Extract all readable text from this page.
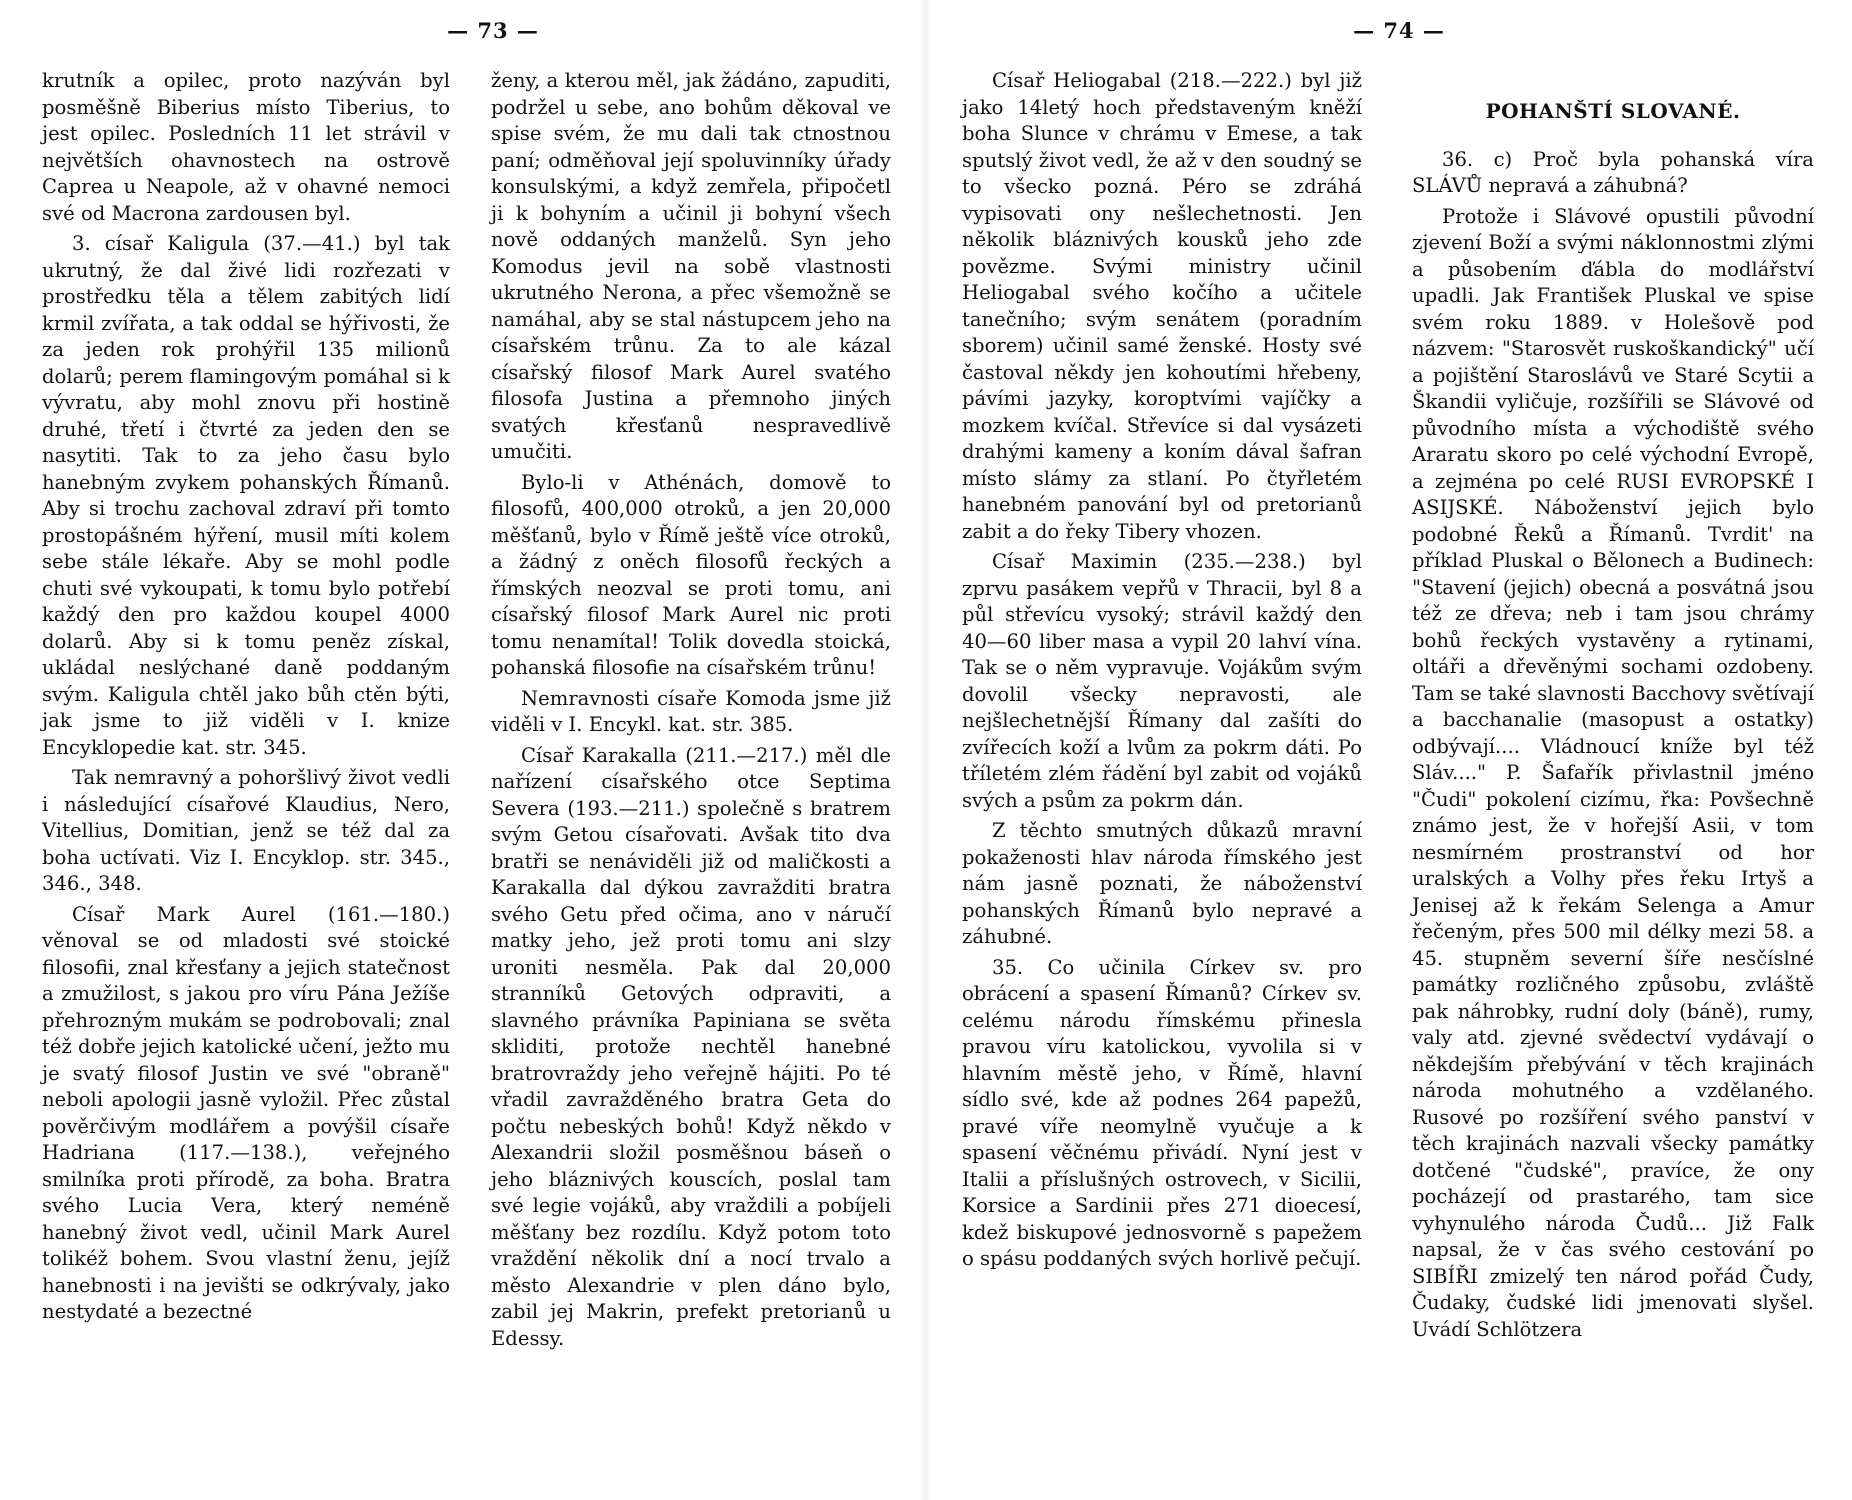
— 73 —

krutník a opilec, proto nazýván byl posměšně Biberius místo Tiberius, to jest opilec. Posledních 11 let strávil v největších ohavnostech na ostrově Caprea u Neapole, až v ohavné nemoci své od Macrona zardousen byl.

3. císař Kaligula (37.—41.) byl tak ukrutný, že dal živé lidi rozřezati v prostředku těla a tělem zabitých lidí krmil zvířata, a tak oddal se hýřivosti, že za jeden rok prohýřil 135 milionů dolarů; perem flamingovým pomáhal si k vývratu, aby mohl znovu při hostině druhé, třetí i čtvrté za jeden den se nasytiti. Tak to za jeho času bylo hanebným zvykem pohanských Římanů. Aby si trochu zachoval zdraví při tomto prostopášném hýření, musil míti kolem sebe stále lékaře. Aby se mohl podle chuti své vykoupati, k tomu bylo potřebí každý den pro každou koupel 4000 dolarů. Aby si k tomu peněz získal, ukládal neslýchané daně poddaným svým. Kaligula chtěl jako bůh ctěn býti, jak jsme to již viděli v I. knize Encyklopedie kat. str. 345.

Tak nemravný a pohoršlivý život vedli i následující císařové Klaudius, Nero, Vitellius, Domitian, jenž se též dal za boha uctívati. Viz I. Encyklop. str. 345., 346., 348.

Císař Mark Aurel (161.—180.) věnoval se od mladosti své stoické filosofii, znal křesťany a jejich statečnost a zmužilost, s jakou pro víru Pána Ježíše přehrozným mukám se podrobovali; znal též dobře jejich katolické učení, ježto mu je svatý filosof Justin ve své "obraně" neboli apologii jasně vyložil. Přec zůstal pověrčivým modlářem a povýšil císaře Hadriana (117.—138.), veřejného smilníka proti přírodě, za boha. Bratra svého Lucia Vera, který neméně hanebný život vedl, učinil Mark Aurel tolikéž bohem. Svou vlastní ženu, jejíž hanebnosti i na jevišti se odkrývaly, jako nestydaté a bezectné

ženy, a kterou měl, jak žádáno, zapuditi, podržel u sebe, ano bohům děkoval ve spise svém, že mu dali tak ctnostnou paní; odměňoval její spoluvinníky úřady konsulskými, a když zemřela, připočetl ji k bohyním a učinil ji bohyní všech nově oddaných manželů. Syn jeho Komodus jevil na sobě vlastnosti ukrutného Nerona, a přec všemožně se namáhal, aby se stal nástupcem jeho na císařském trůnu. Za to ale kázal císařský filosof Mark Aurel svatého filosofa Justina a přemnoho jiných svatých křesťanů nespravedlivě umučiti.

Bylo-li v Athénách, domově to filosofů, 400,000 otroků, a jen 20,000 měšťanů, bylo v Římě ještě více otroků, a žádný z oněch filosofů řeckých a římských neozval se proti tomu, ani císařský filosof Mark Aurel nic proti tomu nenamítal! Tolik dovedla stoická, pohanská filosofie na císařském trůnu!

Nemravnosti císaře Komoda jsme již viděli v I. Encykl. kat. str. 385.

Císař Karakalla (211.—217.) měl dle nařízení císařského otce Septima Severa (193.—211.) společně s bratrem svým Getou císařovati. Avšak tito dva bratři se nenáviděli již od maličkosti a Karakalla dal dýkou zavražditi bratra svého Getu před očima, ano v náručí matky jeho, jež proti tomu ani slzy uroniti nesměla. Pak dal 20,000 stranníků Getových odpraviti, a slavného právníka Papiniana se světa skliditi, protože nechtěl hanebné bratrovraždy jeho veřejně hájiti. Po té vřadil zavražděného bratra Geta do počtu nebeských bohů! Když někdo v Alexandrii složil posměšnou báseň o jeho bláznivých kouscích, poslal tam své legie vojáků, aby vraždili a pobíjeli měšťany bez rozdílu. Když potom toto vraždění několik dní a nocí trvalo a město Alexandrie v plen dáno bylo, zabil jej Makrin, prefekt pretorianů u Edessy.

— 74 —

Císař Heliogabal (218.—222.) byl již jako 14letý hoch představeným kněží boha Slunce v chrámu v Emese, a tak sputslý život vedl, že až v den soudný se to všecko pozná. Péro se zdráhá vypisovati ony nešlechetnosti. Jen několik bláznivých kousků jeho zde povězme. Svými ministry učinil Heliogabal svého kočího a učitele tanečního; svým senátem (poradním sborem) učinil samé ženské. Hosty své častoval někdy jen kohoutími hřebeny, pávími jazyky, koroptvími vajíčky a mozkem kvíčal. Střevíce si dal vysázeti drahými kameny a koním dával šafran místo slámy za stlaní. Po čtyřletém hanebném panování byl od pretorianů zabit a do řeky Tibery vhozen.

Císař Maximin (235.—238.) byl zprvu pasákem vepřů v Thracii, byl 8 a půl střevícu vysoký; strávil každý den 40—60 liber masa a vypil 20 lahví vína. Tak se o něm vypravuje. Vojákům svým dovolil všecky nepravosti, ale nejšlechetnější Římany dal zašíti do zvířecích koží a lvům za pokrm dáti. Po tříletém zlém řádění byl zabit od vojáků svých a psům za pokrm dán.

Z těchto smutných důkazů mravní pokaženosti hlav národa římského jest nám jasně poznati, že náboženství pohanských Římanů bylo nepravé a záhubné.

35. Co učinila Církev sv. pro obrácení a spasení Římanů? Církev sv. celému národu římskému přinesla pravou víru katolickou, vyvolila si v hlavním městě jeho, v Římě, hlavní sídlo své, kde až podnes 264 papežů, pravé víře neomylně vyučuje a k spasení věčnému přivádí. Nyní jest v Italii a příslušných ostrovech, v Sicilii, Korsice a Sardinii přes 271 dioecesí, kdež biskupové jednosvorně s papežem o spásu poddaných svých horlivě pečují.

POHANŠTÍ SLOVANÉ.

36. c) Proč byla pohanská víra SLÁVŮ nepravá a záhubná?

Protože i Slávové opustili původní zjevení Boží a svými náklonnostmi zlými a působením ďábla do modlářství upadli. Jak František Pluskal ve spise svém roku 1889. v Holešově pod názvem: "Starosvět ruskoškandický" učí a pojištění Staroslávů ve Staré Scytii a Škandii vyličuje, rozšířili se Slávové od původního místa a východiště svého Araratu skoro po celé východní Evropě, a zejména po celé RUSI EVROPSKÉ I ASIJSKÉ. Náboženství jejich bylo podobné Řeků a Římanů. Tvrdit' na příklad Pluskal o Bělonech a Budinech: "Stavení (jejich) obecná a posvátná jsou též ze dřeva; neb i tam jsou chrámy bohů řeckých vystavěny a rytinami, oltáři a dřevěnými sochami ozdobeny. Tam se také slavnosti Bacchovy světívají a bacchanalie (masopust a ostatky) odbývají.... Vládnoucí kníže byl též Sláv...." P. Šafařík přivlastnil jméno "Čudi" pokolení cizímu, řka: Povšechně známo jest, že v hořejší Asii, v tom nesmírném prostranství od hor uralských a Volhy přes řeku Irtyš a Jenisej až k řekám Selenga a Amur řečeným, přes 500 mil délky mezi 58. a 45. stupněm severní šíře nesčíslné památky rozličného způsobu, zvláště pak náhrobky, rudní doly (báně), rumy, valy atd. zjevné svědectví vydávají o někdejším přebývání v těch krajinách národa mohutného a vzdělaného. Rusové po rozšíření svého panství v těch krajinách nazvali všecky památky dotčené "čudské", pravíce, že ony pocházejí od prastarého, tam sice vyhynulého národa Čudů... Již Falk napsal, že v čas svého cestování po SIBÍŘI zmizelý ten národ pořád Čudy, Čudaky, čudské lidi jmenovati slyšel. Uvádí Schlötzera
